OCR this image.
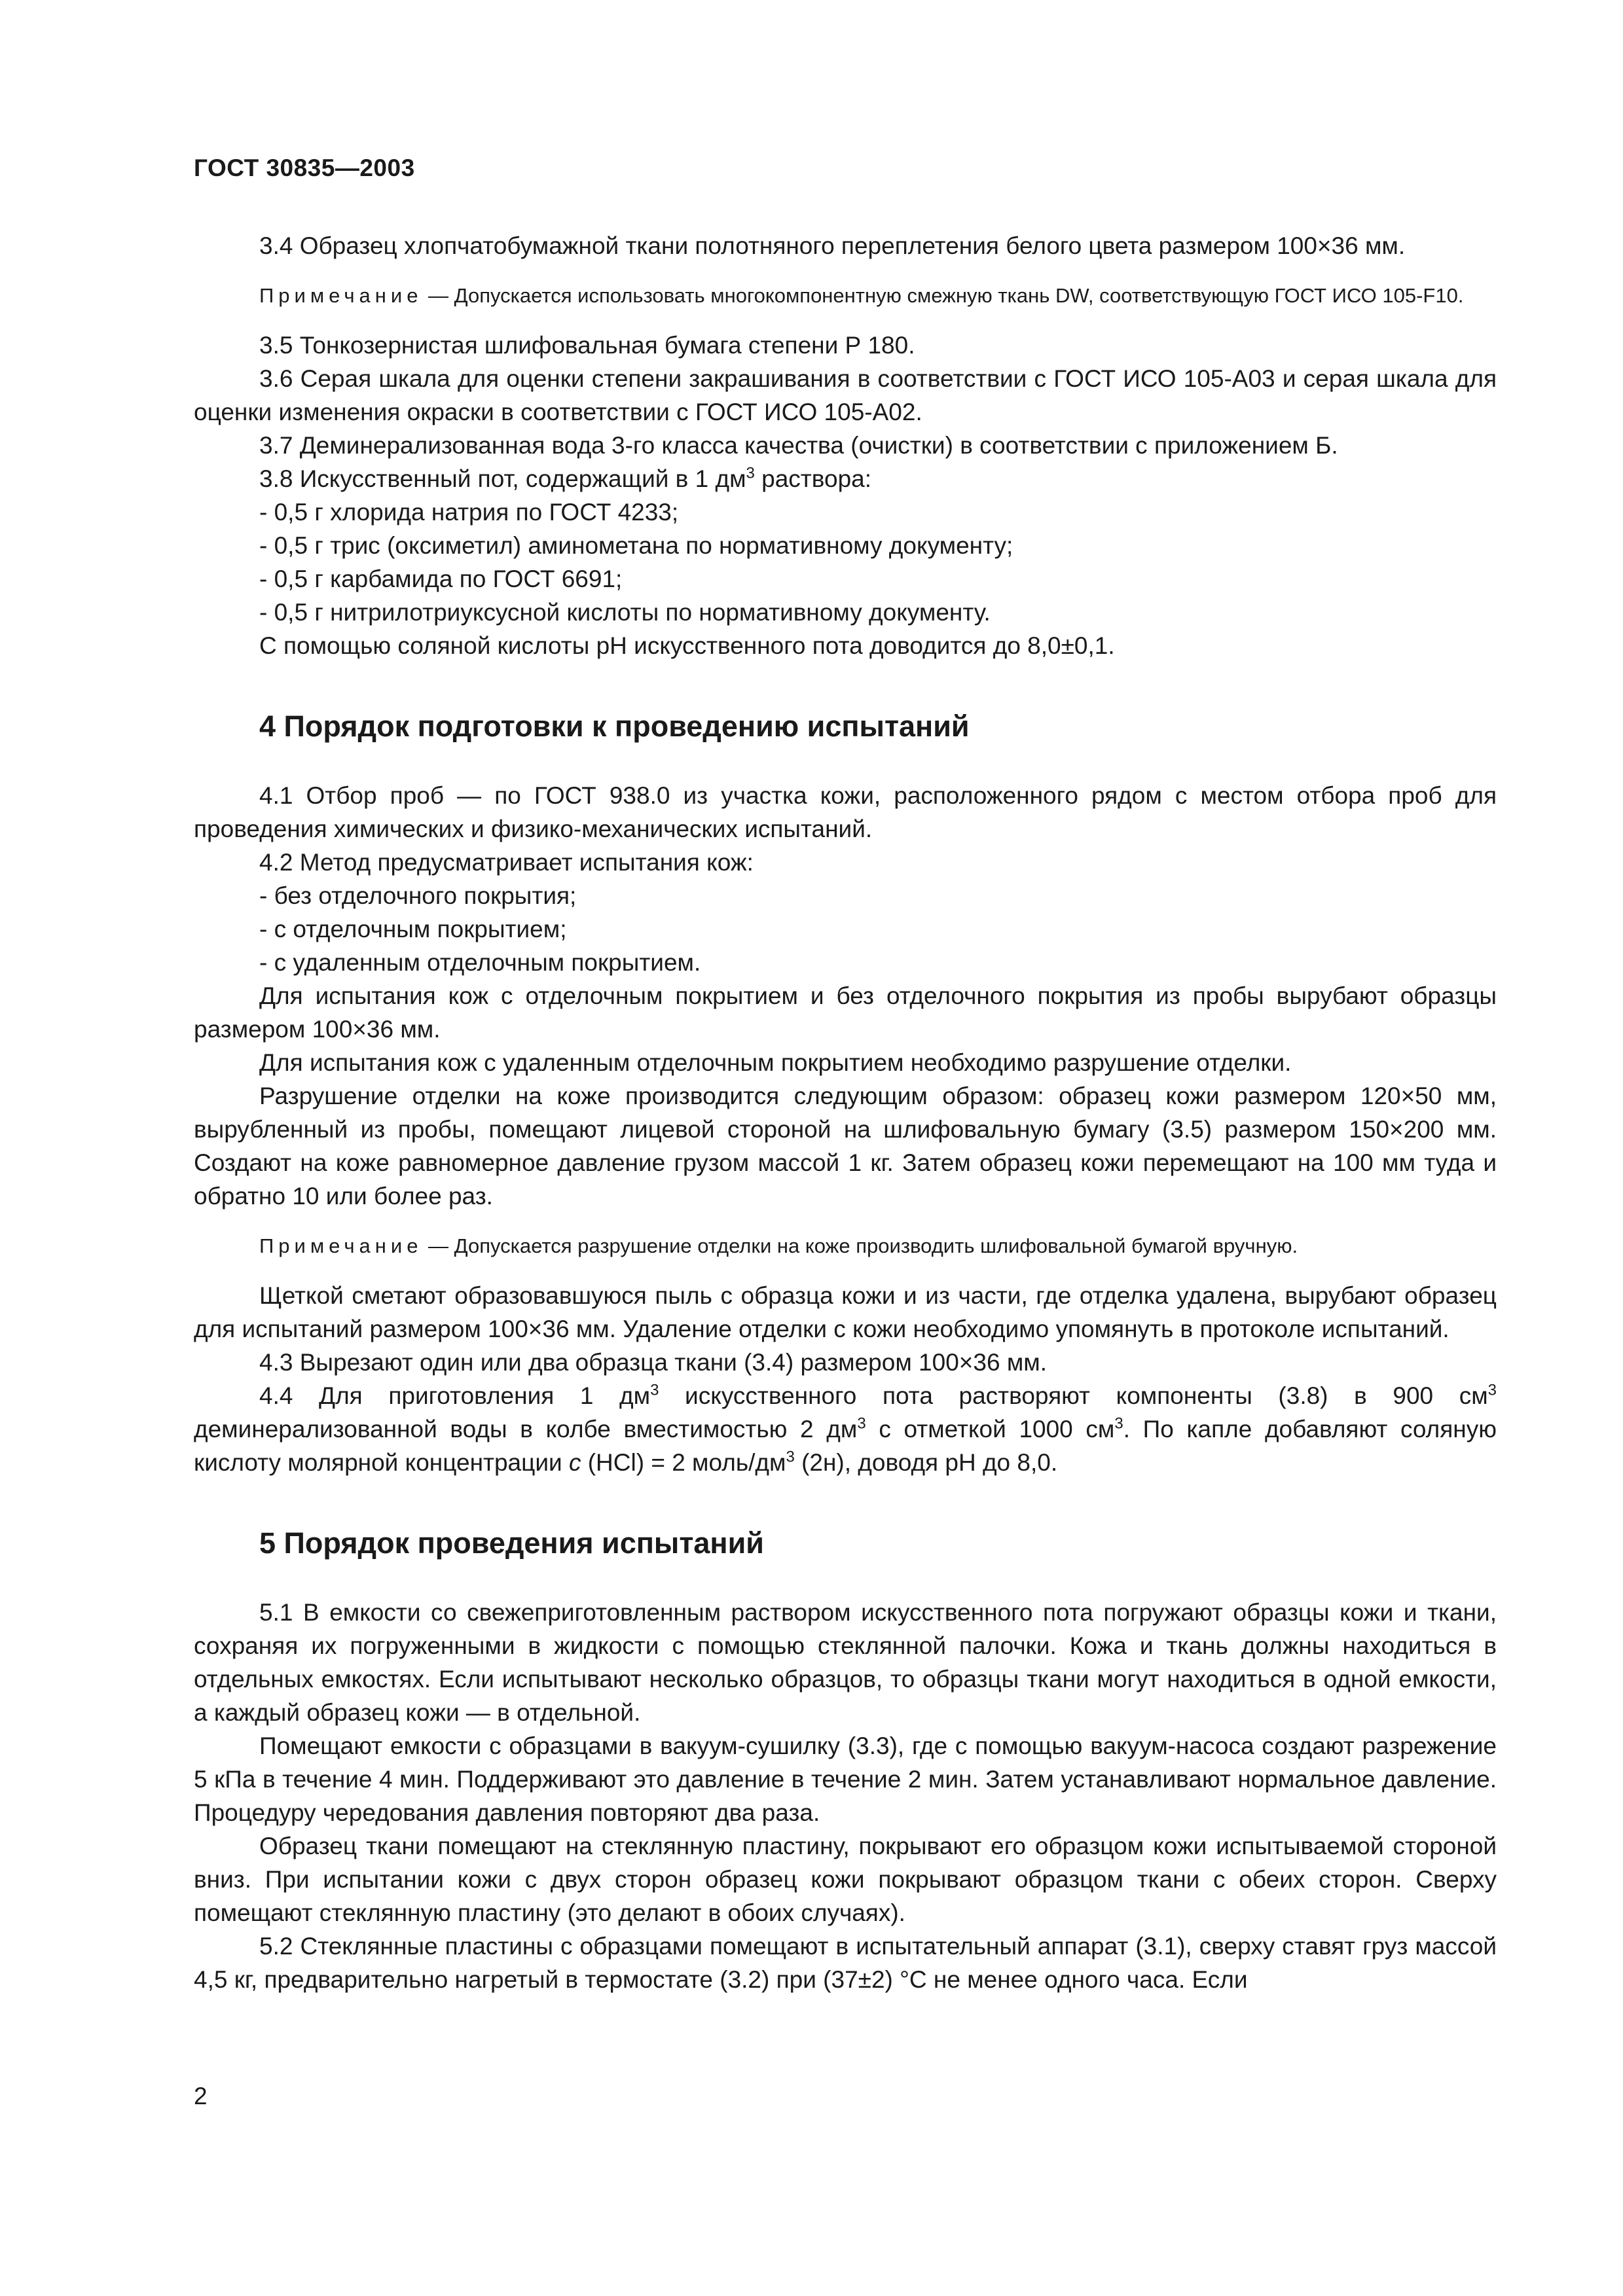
ГОСТ 30835—2003

3.4 Образец хлопчатобумажной ткани полотняного переплетения белого цвета размером 100×36 мм.

Примечание — Допускается использовать многокомпонентную смежную ткань DW, соответствующую ГОСТ ИСО 105-F10.

3.5 Тонкозернистая шлифовальная бумага степени Р 180.

3.6 Серая шкала для оценки степени закрашивания в соответствии с ГОСТ ИСО 105-А03 и серая шкала для оценки изменения окраски в соответствии с ГОСТ ИСО 105-А02.

3.7 Деминерализованная вода 3-го класса качества (очистки) в соответствии с приложением Б.

3.8 Искусственный пот, содержащий в 1 $дм^3$ раствора:

- 0,5 г хлорида натрия по ГОСТ 4233;

- 0,5 г трис (оксиметил) аминометана по нормативному документу;

- 0,5 г карбамида по ГОСТ 6691;

- 0,5 г нитрилотриуксусной кислоты по нормативному документу.

С помощью соляной кислоты рН искусственного пота доводится до 8,0±0,1.

4 Порядок подготовки к проведению испытаний

4.1 Отбор проб — по ГОСТ 938.0 из участка кожи, расположенного рядом с местом отбора проб для проведения химических и физико-механических испытаний.

4.2 Метод предусматривает испытания кож:

- без отделочного покрытия;

- с отделочным покрытием;

- с удаленным отделочным покрытием.

Для испытания кож с отделочным покрытием и без отделочного покрытия из пробы вырубают образцы размером 100×36 мм.

Для испытания кож с удаленным отделочным покрытием необходимо разрушение отделки.

Разрушение отделки на коже производится следующим образом: образец кожи размером 120×50 мм, вырубленный из пробы, помещают лицевой стороной на шлифовальную бумагу (3.5) размером 150×200 мм. Создают на коже равномерное давление грузом массой 1 кг. Затем образец кожи перемещают на 100 мм туда и обратно 10 или более раз.

Примечание — Допускается разрушение отделки на коже производить шлифовальной бумагой вручную.

Щеткой сметают образовавшуюся пыль с образца кожи и из части, где отделка удалена, вырубают образец для испытаний размером 100×36 мм. Удаление отделки с кожи необходимо упомянуть в протоколе испытаний.

4.3 Вырезают один или два образца ткани (3.4) размером 100×36 мм.

4.4 Для приготовления 1 $дм^3$ искусственного пота растворяют компоненты (3.8) в 900 $см^3$ деминерализованной воды в колбе вместимостью 2 $дм^3$ с отметкой 1000 $см^3$. По капле добавляют соляную кислоту молярной концентрации с (HCl) = 2 моль/$дм^3$ (2н), доводя рН до 8,0.

5 Порядок проведения испытаний

5.1 В емкости со свежеприготовленным раствором искусственного пота погружают образцы кожи и ткани, сохраняя их погруженными в жидкости с помощью стеклянной палочки. Кожа и ткань должны находиться в отдельных емкостях. Если испытывают несколько образцов, то образцы ткани могут находиться в одной емкости, а каждый образец кожи — в отдельной.

Помещают емкости с образцами в вакуум-сушилку (3.3), где с помощью вакуум-насоса создают разрежение 5 кПа в течение 4 мин. Поддерживают это давление в течение 2 мин. Затем устанавливают нормальное давление. Процедуру чередования давления повторяют два раза.

Образец ткани помещают на стеклянную пластину, покрывают его образцом кожи испытываемой стороной вниз. При испытании кожи с двух сторон образец кожи покрывают образцом ткани с обеих сторон. Сверху помещают стеклянную пластину (это делают в обоих случаях).

5.2 Стеклянные пластины с образцами помещают в испытательный аппарат (3.1), сверху ставят груз массой 4,5 кг, предварительно нагретый в термостате (3.2) при (37±2) °С не менее одного часа. Если

2
